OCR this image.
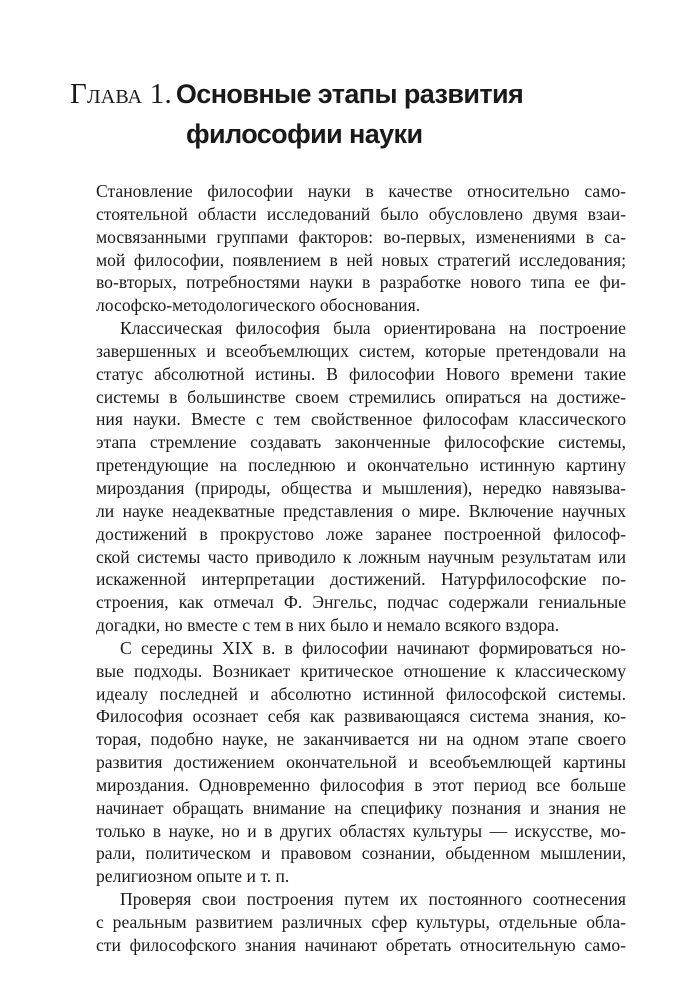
Глава 1. Основные этапы развития
философии науки
Становление философии науки в качестве относительно само-
стоятельной области исследований было обусловлено двумя взаи-
мосвязанными группами факторов: во-первых, изменениями в са-
мой философии, появлением в ней новых стратегий исследования;
во-вторых, потребностями науки в разработке нового типа ее фи-
лософско-методологического обоснования.
Классическая философия была ориентирована на построение
завершенных и всеобъемлющих систем, которые претендовали на
статус абсолютной истины. В философии Нового времени такие
системы в большинстве своем стремились опираться на достиже-
ния науки. Вместе с тем свойственное философам классического
этапа стремление создавать законченные философские системы,
претендующие на последнюю и окончательно истинную картину
мироздания (природы, общества и мышления), нередко навязыва-
ли науке неадекватные представления о мире. Включение научных
достижений в прокрустово ложе заранее построенной философ-
ской системы часто приводило к ложным научным результатам или
искаженной интерпретации достижений. Натурфилософские по-
строения, как отмечал Ф. Энгельс, подчас содержали гениальные
догадки, но вместе с тем в них было и немало всякого вздора.
С середины XIX в. в философии начинают формироваться но-
вые подходы. Возникает критическое отношение к классическому
идеалу последней и абсолютно истинной философской системы.
Философия осознает себя как развивающаяся система знания, ко-
торая, подобно науке, не заканчивается ни на одном этапе своего
развития достижением окончательной и всеобъемлющей картины
мироздания. Одновременно философия в этот период все больше
начинает обращать внимание на специфику познания и знания не
только в науке, но и в других областях культуры — искусстве, мо-
рали, политическом и правовом сознании, обыденном мышлении,
религиозном опыте и т. п.
Проверяя свои построения путем их постоянного соотнесения
с реальным развитием различных сфер культуры, отдельные обла-
сти философского знания начинают обретать относительную само-
